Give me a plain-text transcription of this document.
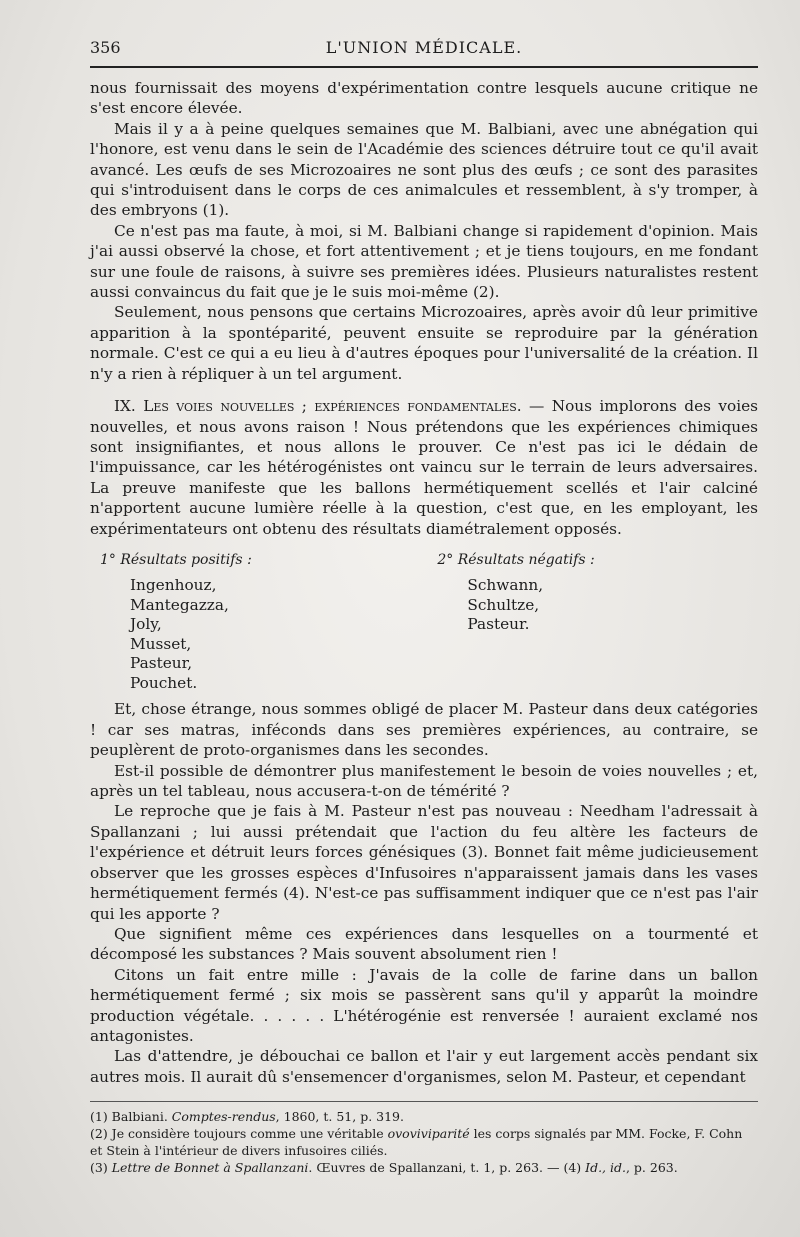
356	L'UNION MÉDICALE.

nous fournissait des moyens d'expérimentation contre lesquels aucune critique ne s'est encore élevée.

Mais il y a à peine quelques semaines que M. Balbiani, avec une abnégation qui l'honore, est venu dans le sein de l'Académie des sciences détruire tout ce qu'il avait avancé. Les œufs de ses Microzoaires ne sont plus des œufs ; ce sont des parasites qui s'introduisent dans le corps de ces animalcules et ressemblent, à s'y tromper, à des embryons (1).

Ce n'est pas ma faute, à moi, si M. Balbiani change si rapidement d'opinion. Mais j'ai aussi observé la chose, et fort attentivement ; et je tiens toujours, en me fondant sur une foule de raisons, à suivre ses premières idées. Plusieurs naturalistes restent aussi convaincus du fait que je le suis moi-même (2).

Seulement, nous pensons que certains Microzoaires, après avoir dû leur primitive apparition à la spontéparité, peuvent ensuite se reproduire par la génération normale. C'est ce qui a eu lieu à d'autres époques pour l'universalité de la création. Il n'y a rien à répliquer à un tel argument.

IX. Les voies nouvelles ; expériences fondamentales. — Nous implorons des voies nouvelles, et nous avons raison ! Nous prétendons que les expériences chimiques sont insignifiantes, et nous allons le prouver. Ce n'est pas ici le dédain de l'impuissance, car les hétérogénistes ont vaincu sur le terrain de leurs adversaires. La preuve manifeste que les ballons hermétiquement scellés et l'air calciné n'apportent aucune lumière réelle à la question, c'est que, en les employant, les expérimentateurs ont obtenu des résultats diamétralement opposés.

1° Résultats positifs :
Ingenhouz,
Mantegazza,
Joly,
Musset,
Pasteur,
Pouchet.
2° Résultats négatifs :
Schwann,
Schultze,
Pasteur.

Et, chose étrange, nous sommes obligé de placer M. Pasteur dans deux catégories ! car ses matras, inféconds dans ses premières expériences, au contraire, se peuplèrent de proto-organismes dans les secondes.

Est-il possible de démontrer plus manifestement le besoin de voies nouvelles ; et, après un tel tableau, nous accusera-t-on de témérité ?

Le reproche que je fais à M. Pasteur n'est pas nouveau : Needham l'adressait à Spallanzani ; lui aussi prétendait que l'action du feu altère les facteurs de l'expérience et détruit leurs forces génésiques (3). Bonnet fait même judicieusement observer que les grosses espèces d'Infusoires n'apparaissent jamais dans les vases hermétiquement fermés (4). N'est-ce pas suffisamment indiquer que ce n'est pas l'air qui les apporte ?

Que signifient même ces expériences dans lesquelles on a tourmenté et décomposé les substances ? Mais souvent absolument rien !

Citons un fait entre mille : J'avais de la colle de farine dans un ballon hermétiquement fermé ; six mois se passèrent sans qu'il y apparût la moindre production végétale. . . . . . L'hétérogénie est renversée ! auraient exclamé nos antagonistes.

Las d'attendre, je débouchai ce ballon et l'air y eut largement accès pendant six autres mois. Il aurait dû s'ensemencer d'organismes, selon M. Pasteur, et cependant

(1) Balbiani. Comptes-rendus, 1860, t. 51, p. 319.
(2) Je considère toujours comme une véritable ovoviviparité les corps signalés par MM. Focke, F. Cohn et Stein à l'intérieur de divers infusoires ciliés.
(3) Lettre de Bonnet à Spallanzani. Œuvres de Spallanzani, t. 1, p. 263. — (4) Id., id., p. 263.
